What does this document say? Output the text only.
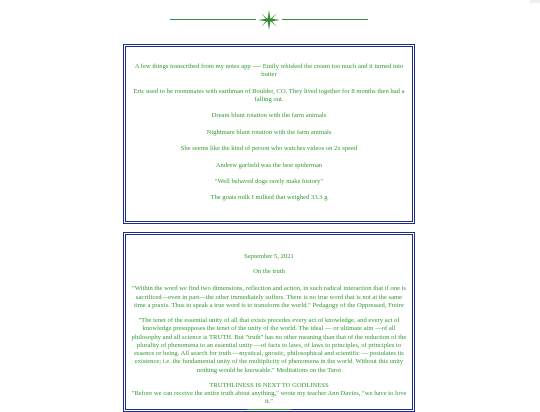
A few things transcribed from my notes app ---- Emily whisked the cream too much and it turned into butter

Eric used to be roommates with earthman of Boulder, CO. They lived together for 8 months then had a falling out.

Dream blunt rotation with the farm animals

Nightmare blunt rotation with the farm animals

She seems like the kind of person who watches videos on 2x speed

Andrew garfield was the best spiderman

"Well behaved dogs rarely make history"

The goats milk I milked that weighed 33.3 g

September 5, 2021

On the truth

"Within the word we find two dimensions, reflection and action, in such radical interaction that if one is sacrificed—even in part—the other immediately suffers. There is no true word that is not at the same time a praxis. Thus to speak a true word is to transform the world." Pedagogy of the Oppressed, Freire

"The tenet of the essential unity of all that exists precedes every act of knowledge, and every act of knowledge presupposes the tenet of the unity of the world. The ideal — or ultimate aim —of all philosophy and all science is TRUTH. But "truth" has no other meaning than that of the reduction of the plurality of phenomena to an essential unity —of facts to laws, of laws to principles, of principles to essence or being. All search for truth —mystical, gnostic, philosophical and scientific — postulates its existence; i.e. the fundamental unity of the multiplicity of phenomena in the world. Without this unity nothing would be knowable." Meditations on the Tarot

TRUTHLINESS IS NEXT TO GODLINESS

"Before we can receive the entire truth about anything," wrote my teacher Ann Davies, "we have to love it."
